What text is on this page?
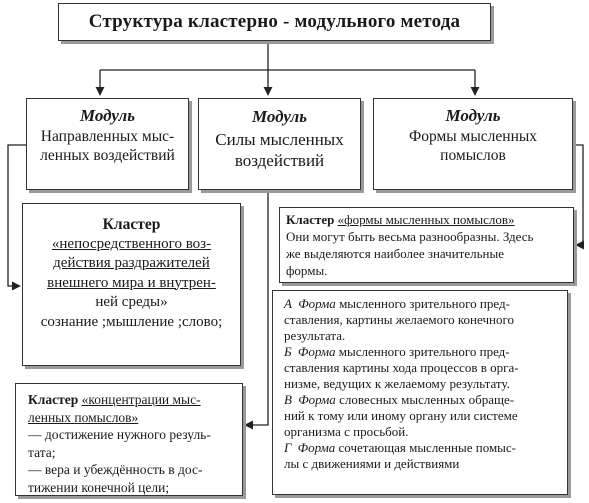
Структура кластерно - модульного метода
Модуль
Направленных мыс-
ленных воздействий
Модуль
Силы мысленных
воздействий
Модуль
Формы мысленных
помыслов
Кластер
«непосредственного воз-
действия раздражителей
внешнего мира и внутрен-
ней среды»
сознание ;мышление ;слово;
Кластер «концентрации мыс-
ленных помыслов»
— достижение нужного резуль-
тата;
— вера и убеждённость в дос-
тижении конечной цели;
Кластер «формы мысленных помыслов»
Они могут быть весьма разнообразны. Здесь
же выделяются наиболее значительные
формы.

А Форма мысленного зрительного пред-
ставления, картины желаемого конечного
результата.

Б Форма мысленного зрительного пред-
ставления картины хода процессов в орга-
низме, ведущих к желаемому результату.

В Форма словесных мысленных обраще-
ний к тому или иному органу или системе
организма с просьбой.

Г Форма сочетающая мысленные помыс-
лы с движениями и действиями
